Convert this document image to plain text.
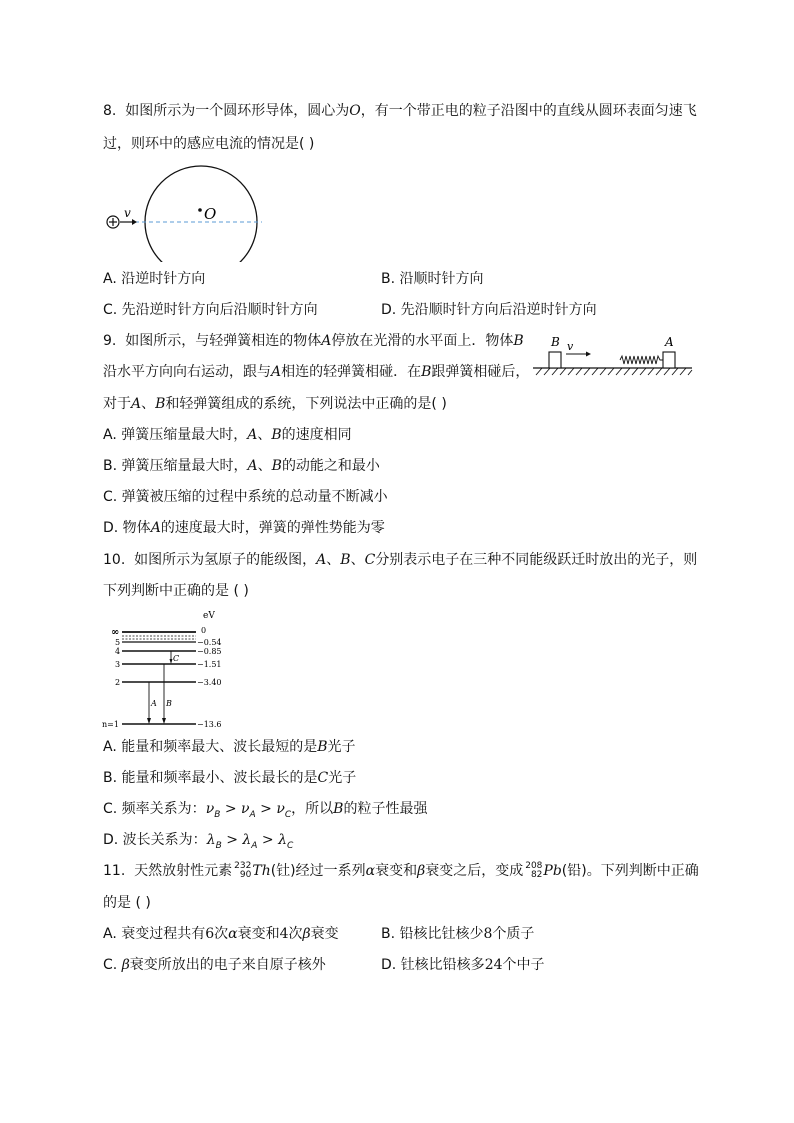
8. 如图所示为一个圆环形导体，圆心为O，有一个带正电的粒子沿图中的直线从圆环表面匀速飞
过，则环中的感应电流的情况是( )
O
v
A. 沿逆时针方向	B. 沿顺时针方向
C. 先沿逆时针方向后沿顺时针方向	D. 先沿顺时针方向后沿逆时针方向
9. 如图所示，与轻弹簧相连的物体A停放在光滑的水平面上．物体B
沿水平方向向右运动，跟与A相连的轻弹簧相碰．在B跟弹簧相碰后，
对于A、B和轻弹簧组成的系统，下列说法中正确的是( )
B v	A
A. 弹簧压缩量最大时，A、B的速度相同
B. 弹簧压缩量最大时，A、B的动能之和最小
C. 弹簧被压缩的过程中系统的总动量不断减小
D. 物体A的速度最大时，弹簧的弹性势能为零
10. 如图所示为氢原子的能级图，A、B、C分别表示电子在三种不同能级跃迁时放出的光子，则
下列判断中正确的是 ( )
eV
∞
5
4
3
2
n=1
0
−0.54
−0.85
−1.51
−3.40
−13.6
A B
C
A. 能量和频率最大、波长最短的是B光子
B. 能量和频率最小、波长最长的是C光子
C. 频率关系为：$\nu_B > \nu_A > \nu_C$，所以B的粒子性最强
D. 波长关系为：$\lambda_B > \lambda_A > \lambda_C$
11. 天然放射性元素 232
90 Th(钍)经过一系列α衰变和β衰变之后，变成 208
82 Pb(铅)。下列判断中正确
的是 ( )
A. 衰变过程共有6次α衰变和4次β衰变	B. 铅核比钍核少8个质子
C. β衰变所放出的电子来自原子核外	D. 钍核比铅核多24个中子
